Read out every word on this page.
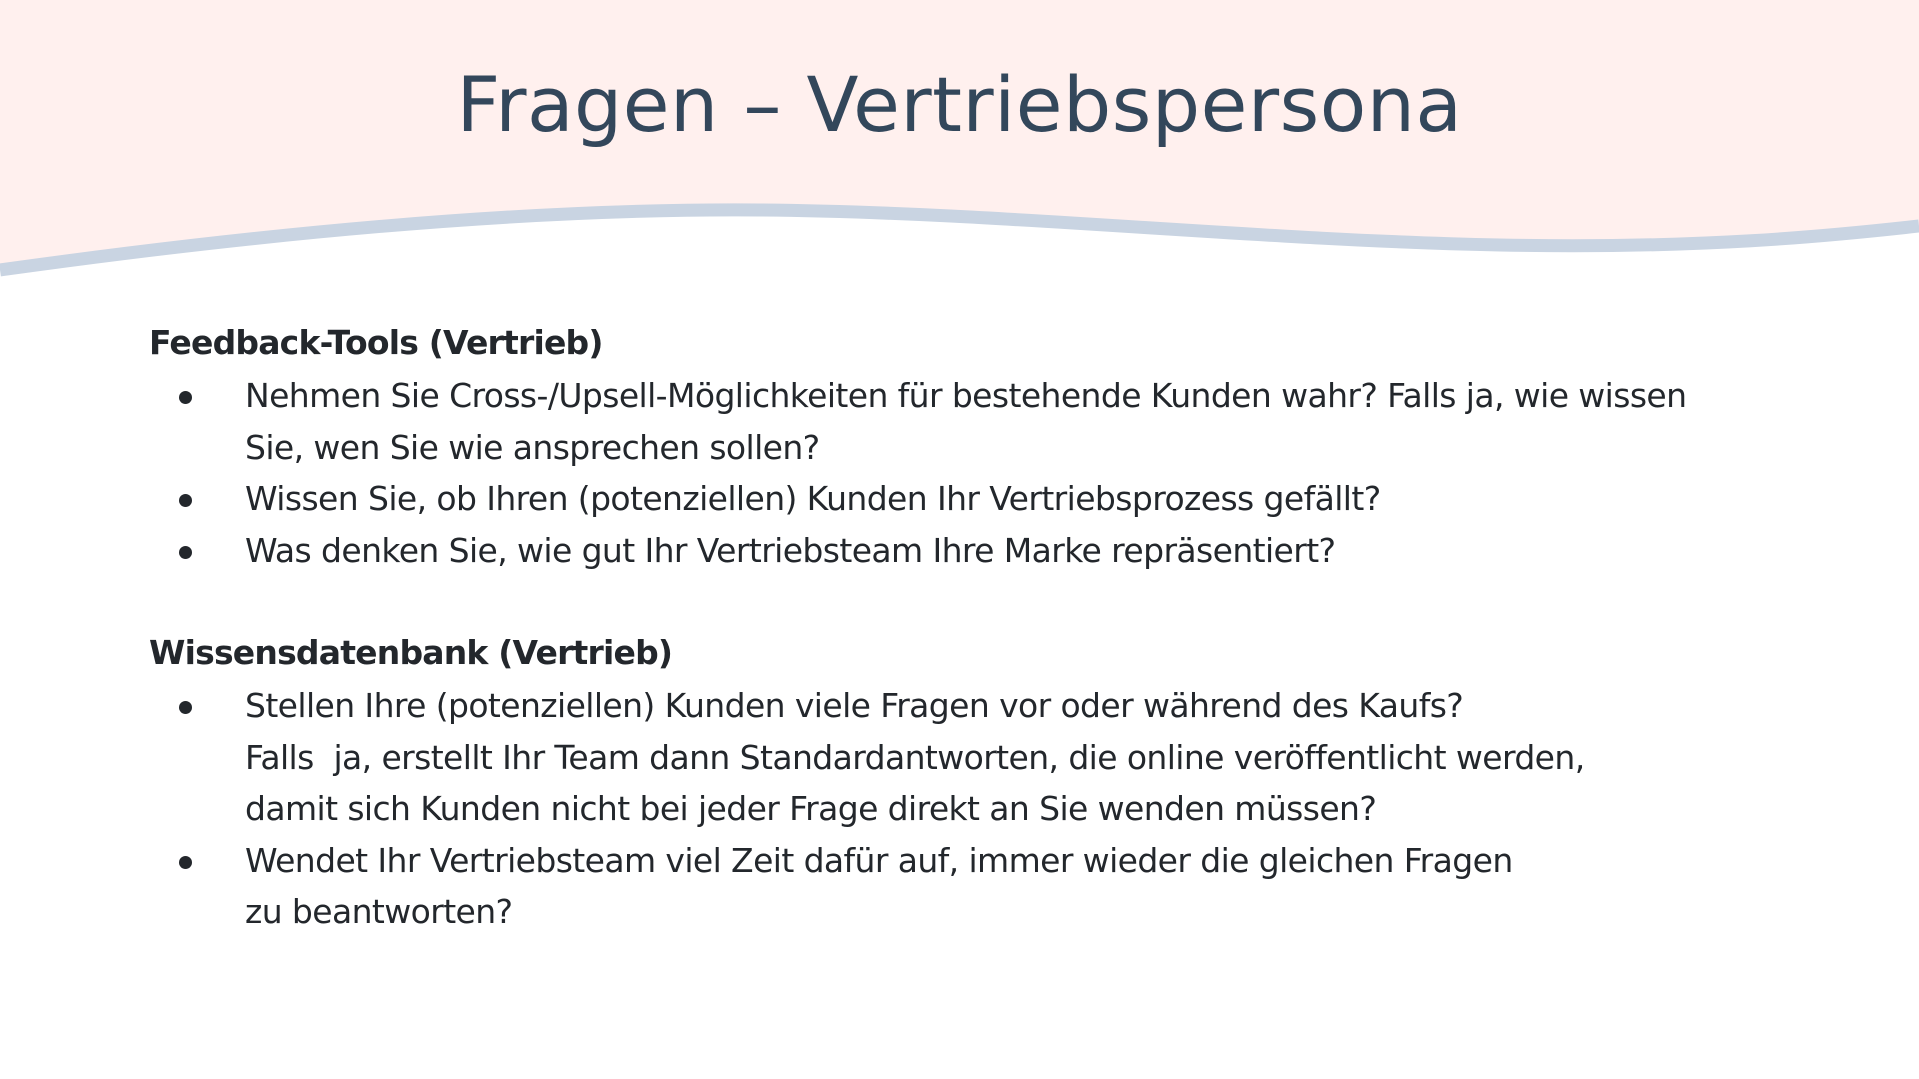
Fragen – Vertriebspersona
Feedback-Tools (Vertrieb)
Nehmen Sie Cross-/Upsell-Möglichkeiten für bestehende Kunden wahr? Falls ja, wie wissen
Sie, wen Sie wie ansprechen sollen?
Wissen Sie, ob Ihren (potenziellen) Kunden Ihr Vertriebsprozess gefällt?
Was denken Sie, wie gut Ihr Vertriebsteam Ihre Marke repräsentiert?
Wissensdatenbank (Vertrieb)
Stellen Ihre (potenziellen) Kunden viele Fragen vor oder während des Kaufs?
Falls  ja, erstellt Ihr Team dann Standardantworten, die online veröffentlicht werden,
damit sich Kunden nicht bei jeder Frage direkt an Sie wenden müssen?
Wendet Ihr Vertriebsteam viel Zeit dafür auf, immer wieder die gleichen Fragen
zu beantworten?
